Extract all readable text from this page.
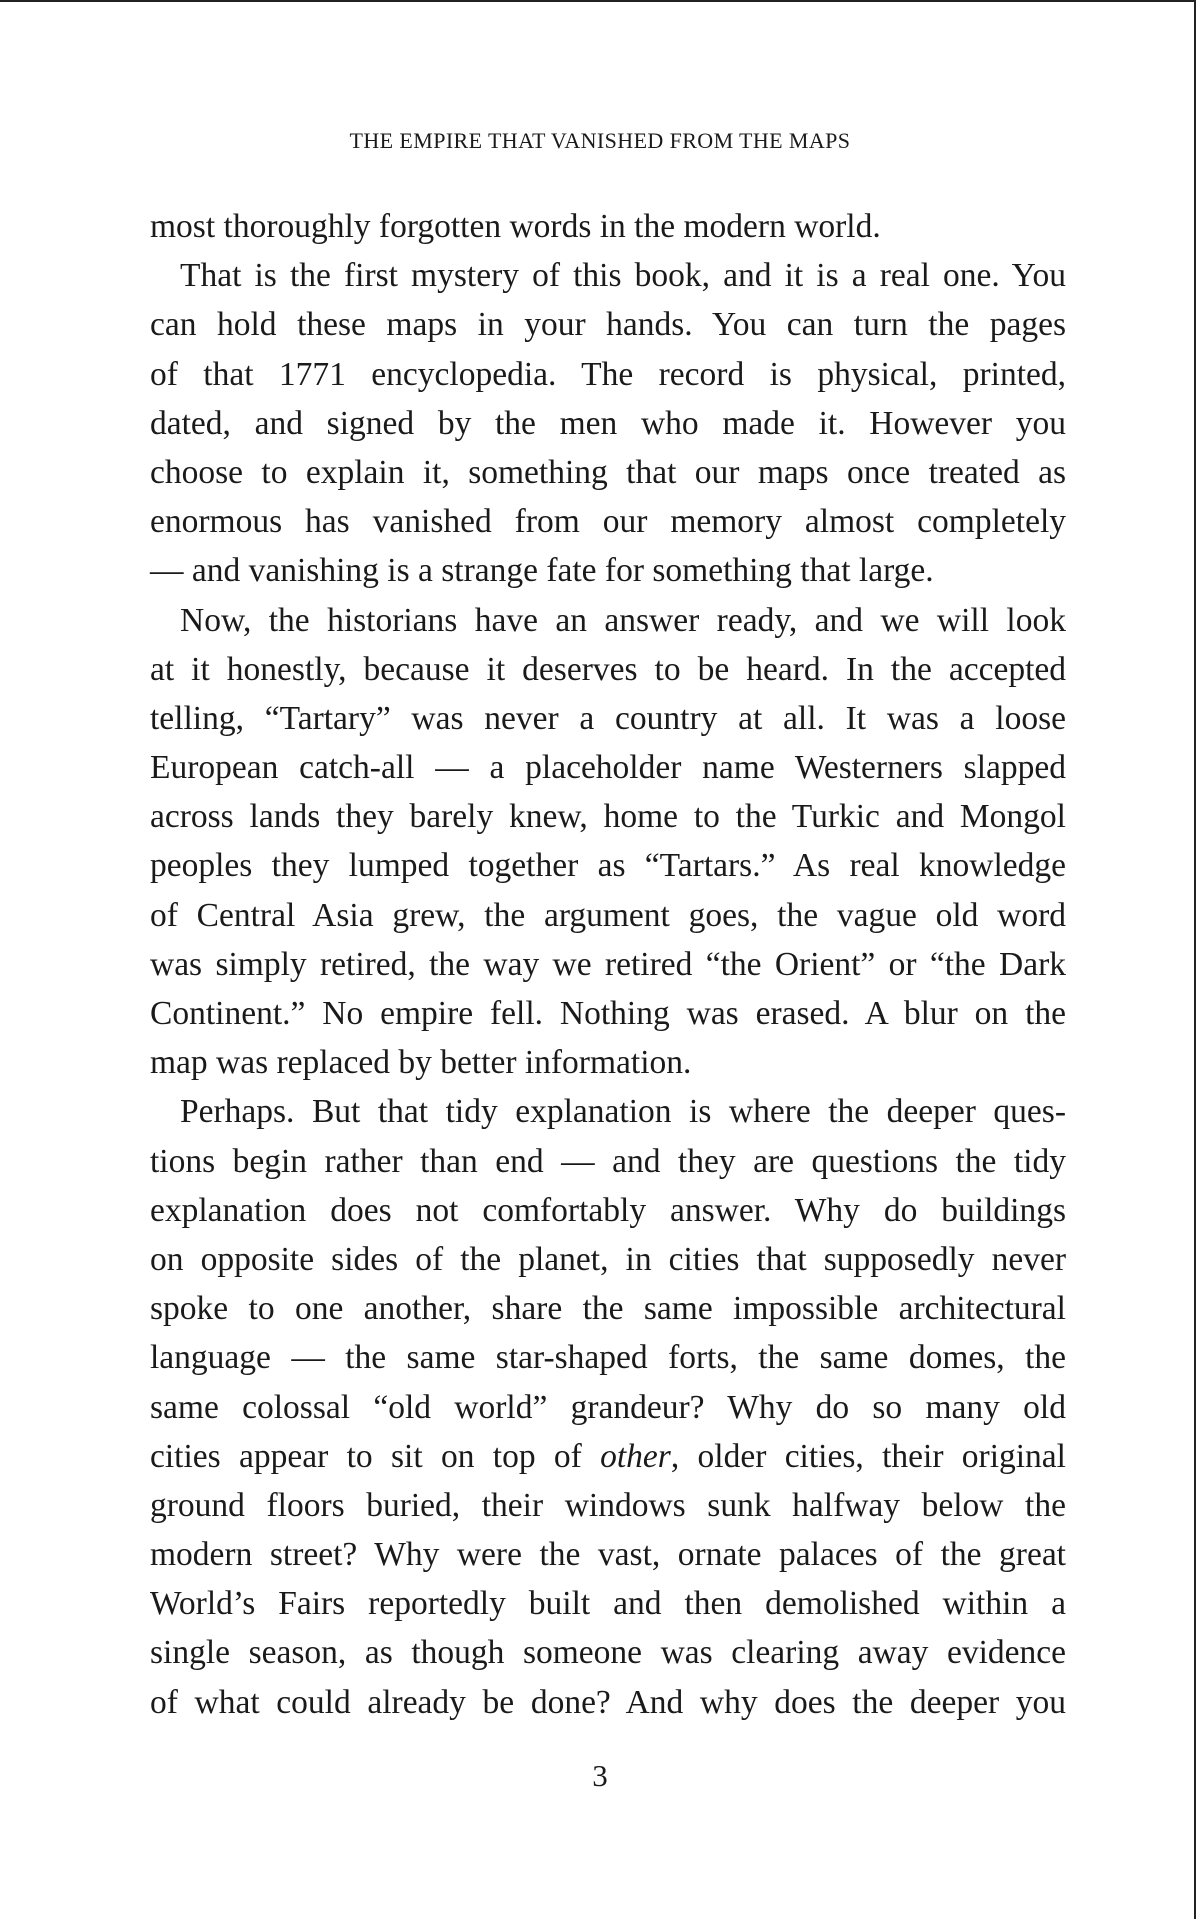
THE EMPIRE THAT VANISHED FROM THE MAPS
most thoroughly forgotten words in the modern world.
That is the first mystery of this book, and it is a real one. You
can hold these maps in your hands. You can turn the pages
of that 1771 encyclopedia. The record is physical, printed,
dated, and signed by the men who made it. However you
choose to explain it, something that our maps once treated as
enormous has vanished from our memory almost completely
— and vanishing is a strange fate for something that large.
Now, the historians have an answer ready, and we will look
at it honestly, because it deserves to be heard. In the accepted
telling, “Tartary” was never a country at all. It was a loose
European catch-all — a placeholder name Westerners slapped
across lands they barely knew, home to the Turkic and Mongol
peoples they lumped together as “Tartars.” As real knowledge
of Central Asia grew, the argument goes, the vague old word
was simply retired, the way we retired “the Orient” or “the Dark
Continent.” No empire fell. Nothing was erased. A blur on the
map was replaced by better information.
Perhaps. But that tidy explanation is where the deeper ques-
tions begin rather than end — and they are questions the tidy
explanation does not comfortably answer. Why do buildings
on opposite sides of the planet, in cities that supposedly never
spoke to one another, share the same impossible architectural
language — the same star-shaped forts, the same domes, the
same colossal “old world” grandeur? Why do so many old
cities appear to sit on top of other, older cities, their original
ground floors buried, their windows sunk halfway below the
modern street? Why were the vast, ornate palaces of the great
World’s Fairs reportedly built and then demolished within a
single season, as though someone was clearing away evidence
of what could already be done? And why does the deeper you
3
